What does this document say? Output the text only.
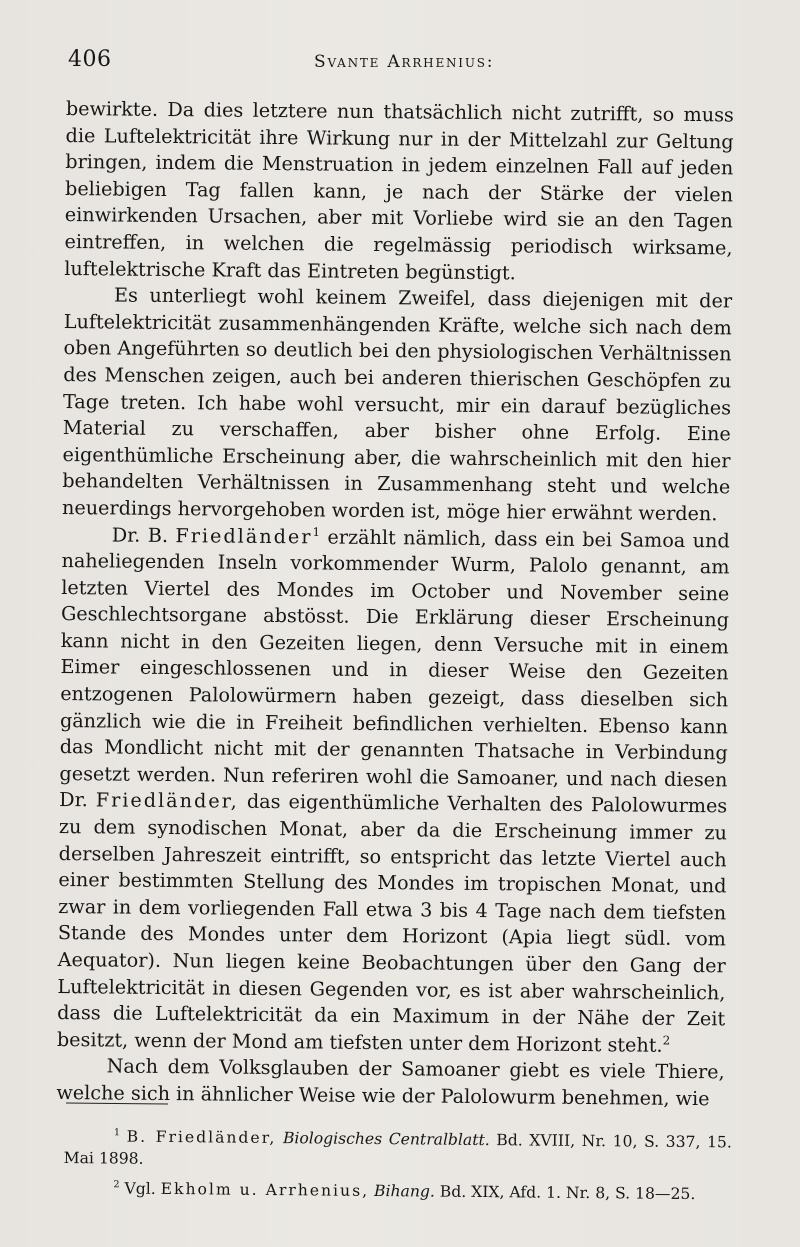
406	Svante Arrhenius:

bewirkte. Da dies letztere nun thatsächlich nicht zutrifft, so muss die Luftelektricität ihre Wirkung nur in der Mittelzahl zur Geltung bringen, indem die Menstruation in jedem einzelnen Fall auf jeden beliebigen Tag fallen kann, je nach der Stärke der vielen einwirkenden Ursachen, aber mit Vorliebe wird sie an den Tagen eintreffen, in welchen die regelmässig periodisch wirksame, luftelektrische Kraft das Eintreten begünstigt.

Es unterliegt wohl keinem Zweifel, dass diejenigen mit der Luftelektricität zusammenhängenden Kräfte, welche sich nach dem oben Angeführten so deutlich bei den physiologischen Verhältnissen des Menschen zeigen, auch bei anderen thierischen Geschöpfen zu Tage treten. Ich habe wohl versucht, mir ein darauf bezügliches Material zu verschaffen, aber bisher ohne Erfolg. Eine eigenthümliche Erscheinung aber, die wahrscheinlich mit den hier behandelten Verhältnissen in Zusammenhang steht und welche neuerdings hervorgehoben worden ist, möge hier erwähnt werden.

Dr. B. Friedländer$^1$ erzählt nämlich, dass ein bei Samoa und naheliegenden Inseln vorkommender Wurm, Palolo genannt, am letzten Viertel des Mondes im October und November seine Geschlechtsorgane abstösst. Die Erklärung dieser Erscheinung kann nicht in den Gezeiten liegen, denn Versuche mit in einem Eimer eingeschlossenen und in dieser Weise den Gezeiten entzogenen Palolowürmern haben gezeigt, dass dieselben sich gänzlich wie die in Freiheit befindlichen verhielten. Ebenso kann das Mondlicht nicht mit der genannten Thatsache in Verbindung gesetzt werden. Nun referiren wohl die Samoaner, und nach diesen Dr. Friedländer, das eigenthümliche Verhalten des Palolowurmes zu dem synodischen Monat, aber da die Erscheinung immer zu derselben Jahreszeit eintrifft, so entspricht das letzte Viertel auch einer bestimmten Stellung des Mondes im tropischen Monat, und zwar in dem vorliegenden Fall etwa 3 bis 4 Tage nach dem tiefsten Stande des Mondes unter dem Horizont (Apia liegt südl. vom Aequator). Nun liegen keine Beobachtungen über den Gang der Luftelektricität in diesen Gegenden vor, es ist aber wahrscheinlich, dass die Luftelektricität da ein Maximum in der Nähe der Zeit besitzt, wenn der Mond am tiefsten unter dem Horizont steht.$^2$

Nach dem Volksglauben der Samoaner giebt es viele Thiere, welche sich in ähnlicher Weise wie der Palolowurm benehmen, wie

$^1$ B. Friedländer, Biologisches Centralblatt. Bd. XVIII, Nr. 10, S. 337, 15. Mai 1898.

$^2$ Vgl. Ekholm u. Arrhenius, Bihang. Bd. XIX, Afd. 1. Nr. 8, S. 18—25.
